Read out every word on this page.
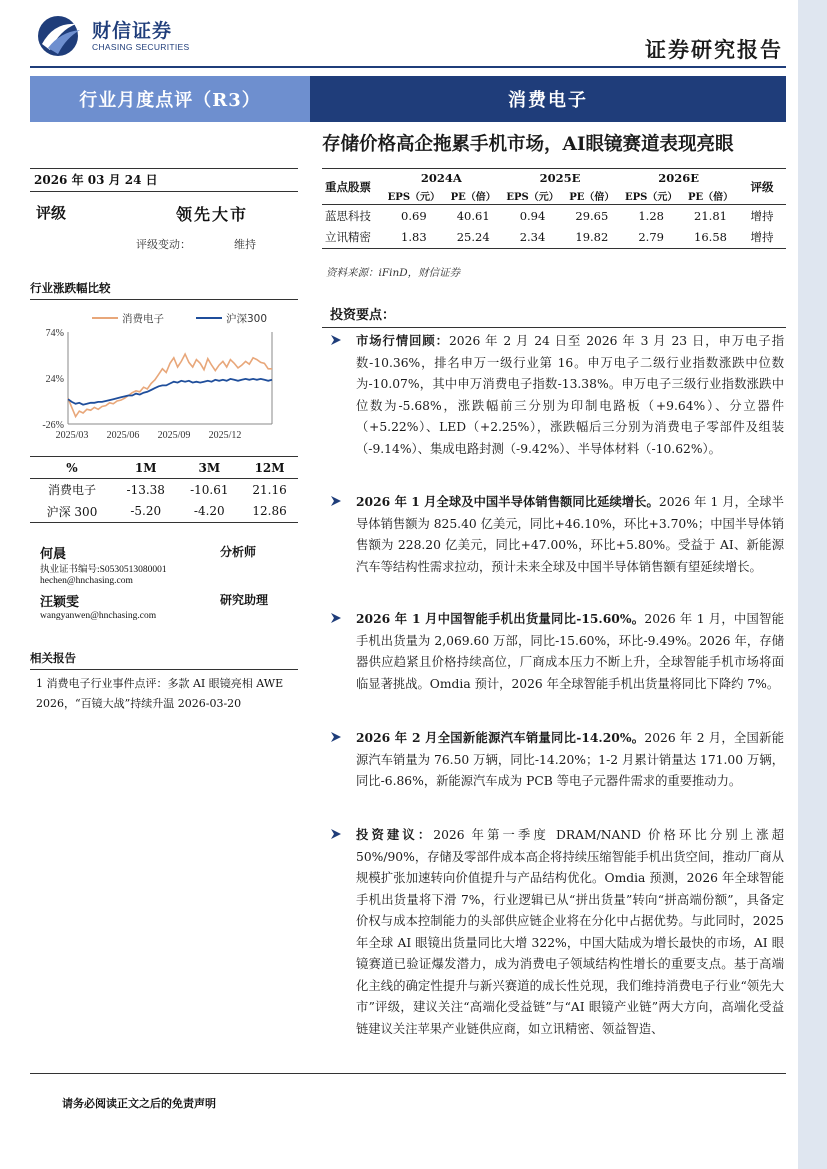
财信证券
CHASING SECURITIES	证券研究报告
行业月度点评（R3）	消费电子
存储价格高企拖累手机市场，AI眼镜赛道表现亮眼
2026 年 03 月 24 日
评级	领先大市
评级变动：	维持
行业涨跌幅比较
74%
24%
-26%
2025/03 2025/06 2025/09 2025/12
消费电子	沪深300
%	1M	3M	12M
消费电子	-13.38	-10.61	21.16
沪深 300	-5.20	-4.20	12.86
何晨	分析师
执业证书编号:S0530513080001
hechen@hnchasing.com
汪颖雯	研究助理
wangyanwen@hnchasing.com
相关报告
1 消费电子行业事件点评：多款 AI 眼镜亮相 AWE 2026，“百镜大战”持续升温 2026-03-20
重点股票	2024A		2025E		2026E		评级
	EPS（元）	PE（倍）	EPS（元）	PE（倍）	EPS（元）	PE（倍）	
蓝思科技	0.69	40.61	0.94	29.65	1.28	21.81	增持
立讯精密	1.83	25.24	2.34	19.82	2.79	16.58	增持
资料来源：iFinD，财信证券
投资要点：
市场行情回顾：2026 年 2 月 24 日至 2026 年 3 月 23 日，申万电子指数-10.36%，排名申万一级行业第 16。申万电子二级行业指数涨跌中位数为-10.07%，其中申万消费电子指数-13.38%。申万电子三级行业指数涨跌中位数为-5.68%，涨跌幅前三分别为印制电路板（+9.64%）、分立器件（+5.22%）、LED（+2.25%），涨跌幅后三分别为消费电子零部件及组装（-9.14%）、集成电路封测（-9.42%）、半导体材料（-10.62%）。
2026 年 1 月全球及中国半导体销售额同比延续增长。2026 年 1 月，全球半导体销售额为 825.40 亿美元，同比+46.10%，环比+3.70%；中国半导体销售额为 228.20 亿美元，同比+47.00%，环比+5.80%。受益于 AI、新能源汽车等结构性需求拉动，预计未来全球及中国半导体销售额有望延续增长。
2026 年 1 月中国智能手机出货量同比-15.60%。2026 年 1 月，中国智能手机出货量为 2,069.60 万部，同比-15.60%，环比-9.49%。2026 年，存储器供应趋紧且价格持续高位，厂商成本压力不断上升，全球智能手机市场将面临显著挑战。Omdia 预计，2026 年全球智能手机出货量将同比下降约 7%。
2026 年 2 月全国新能源汽车销量同比-14.20%。2026 年 2 月，全国新能源汽车销量为 76.50 万辆，同比-14.20%；1-2 月累计销量达 171.00 万辆，同比-6.86%，新能源汽车成为 PCB 等电子元器件需求的重要推动力。
投资建议：2026 年第一季度 DRAM/NAND 价格环比分别上涨超 50%/90%，存储及零部件成本高企将持续压缩智能手机出货空间，推动厂商从规模扩张加速转向价值提升与产品结构优化。Omdia 预测，2026 年全球智能手机出货量将下滑 7%，行业逻辑已从“拼出货量”转向“拼高端份额”，具备定价权与成本控制能力的头部供应链企业将在分化中占据优势。与此同时，2025 年全球 AI 眼镜出货量同比大增 322%，中国大陆成为增长最快的市场，AI 眼镜赛道已验证爆发潜力，成为消费电子领域结构性增长的重要支点。基于高端化主线的确定性提升与新兴赛道的成长性兑现，我们维持消费电子行业“领先大市”评级，建议关注“高端化受益链”与“AI 眼镜产业链”两大方向，高端化受益链建议关注苹果产业链供应商，如立讯精密、领益智造、
请务必阅读正文之后的免责声明
